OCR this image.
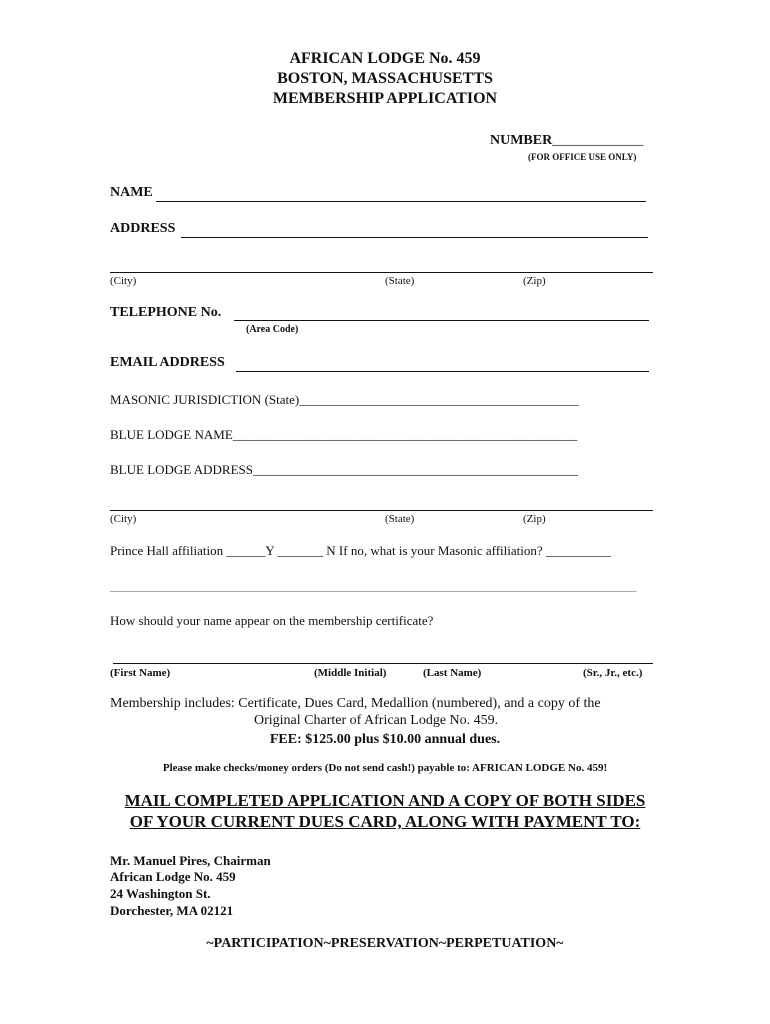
AFRICAN LODGE No. 459
BOSTON, MASSACHUSETTS
MEMBERSHIP APPLICATION
NUMBER_____________
(FOR OFFICE USE ONLY)
NAME
ADDRESS
(City)	(State)	(Zip)
TELEPHONE No.
(Area Code)
EMAIL ADDRESS
MASONIC JURISDICTION (State)___________________________________________
BLUE LODGE NAME_____________________________________________________
BLUE LODGE ADDRESS__________________________________________________
(City)	(State)	(Zip)
Prince Hall affiliation ______Y _______ N If no, what is your Masonic affiliation? __________
_________________________________________________________________________________
How should your name appear on the membership certificate?
(First Name)	(Middle Initial)	(Last Name)	(Sr., Jr., etc.)
Membership includes: Certificate, Dues Card, Medallion (numbered), and a copy of the
Original Charter of African Lodge No. 459.
FEE: $125.00 plus $10.00 annual dues.
Please make checks/money orders (Do not send cash!) payable to: AFRICAN LODGE No. 459!
MAIL COMPLETED APPLICATION AND A COPY OF BOTH SIDES
OF YOUR CURRENT DUES CARD, ALONG WITH PAYMENT TO:
Mr. Manuel Pires, Chairman
African Lodge No. 459
24 Washington St.
Dorchester, MA 02121
~PARTICIPATION~PRESERVATION~PERPETUATION~
